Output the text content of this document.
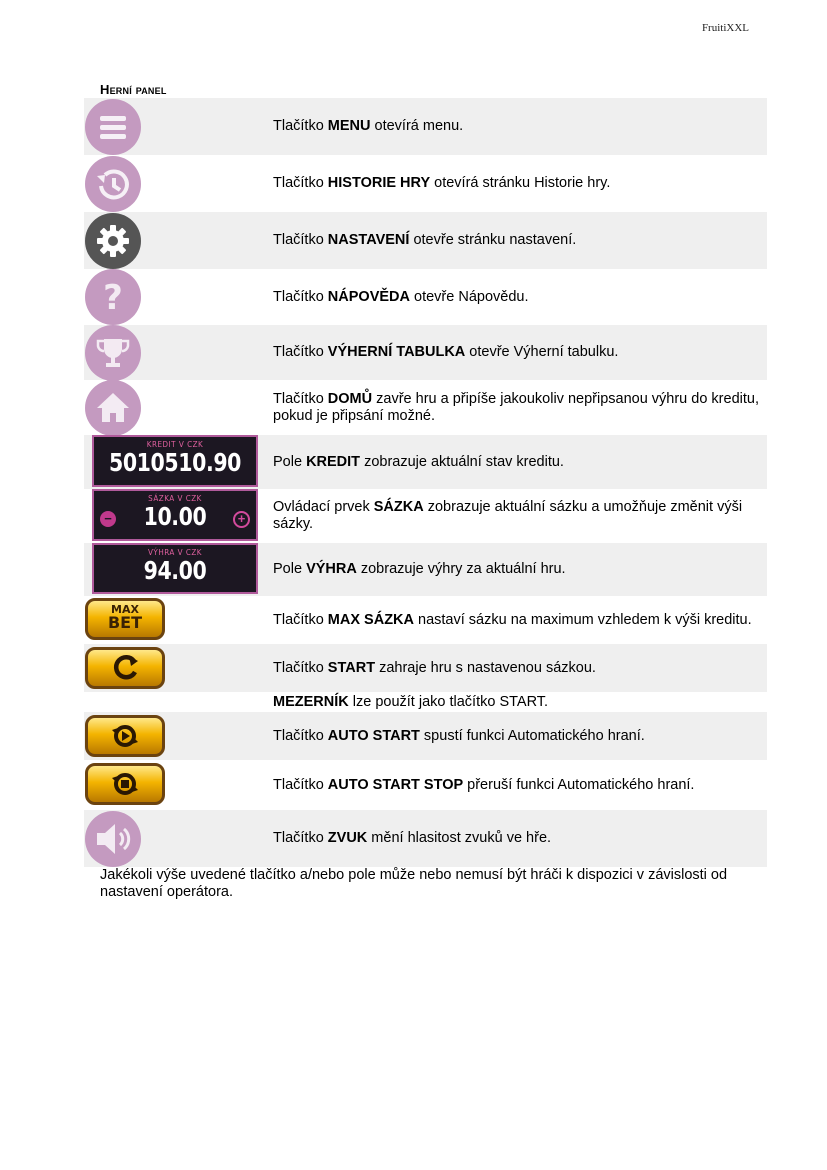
FruitiXXL
Herní panel
Tlačítko MENU otevírá menu.
Tlačítko HISTORIE HRY otevírá stránku Historie hry.
Tlačítko NASTAVENÍ otevře stránku nastavení.
?	Tlačítko NÁPOVĚDA otevře Nápovědu.
Tlačítko VÝHERNÍ TABULKA otevře Výherní tabulku.
Tlačítko DOMŮ zavře hru a připíše jakoukoliv nepřipsanou výhru do kreditu, pokud je připsání možné.
KREDIT V CZK
5010510.90	Pole KREDIT zobrazuje aktuální stav kreditu.
SÁZKA V CZK
10.00
−	+
Ovládací prvek SÁZKA zobrazuje aktuální sázku a umožňuje změnit výši sázky.
VÝHRA V CZK
94.00	Pole VÝHRA zobrazuje výhry za aktuální hru.
MAX
BET	Tlačítko MAX SÁZKA nastaví sázku na maximum vzhledem k výši kreditu.
Tlačítko START zahraje hru s nastavenou sázkou.
MEZERNÍK lze použít jako tlačítko START.
Tlačítko AUTO START spustí funkci Automatického hraní.
Tlačítko AUTO START STOP přeruší funkci Automatického hraní.
Tlačítko ZVUK mění hlasitost zvuků ve hře.
Jakékoli výše uvedené tlačítko a/nebo pole může nebo nemusí být hráči k dispozici v závislosti od nastavení operátora.
